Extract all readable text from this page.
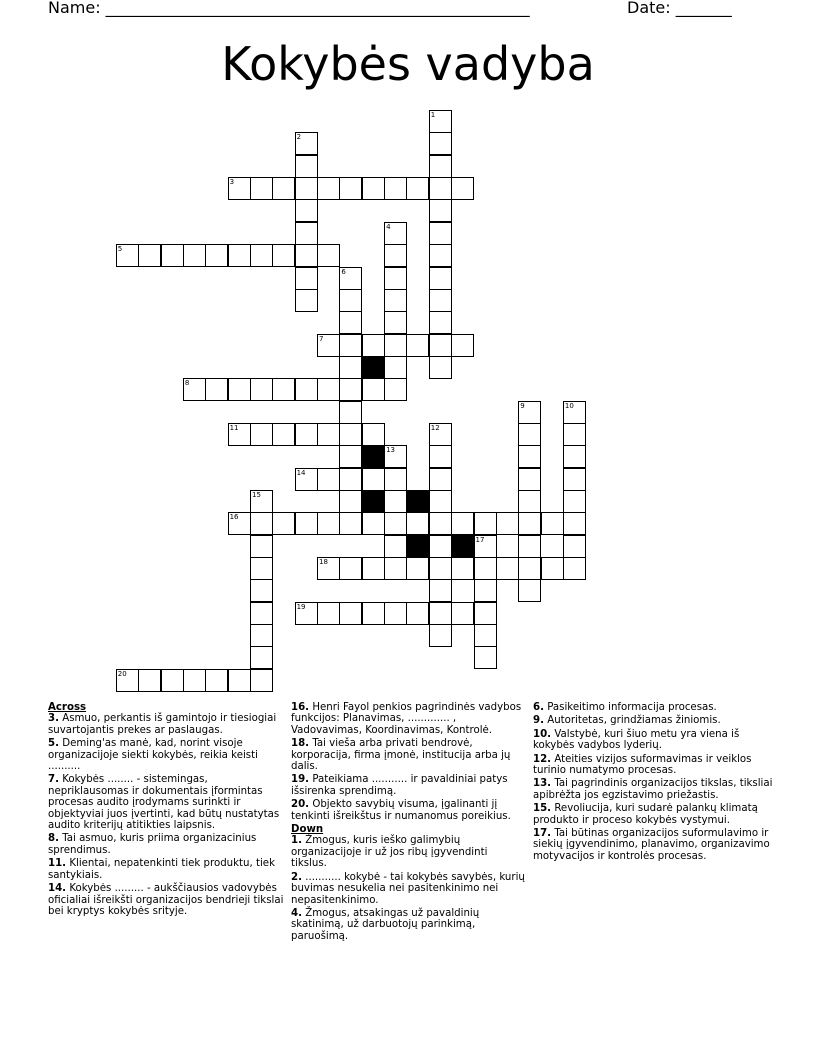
Name: _____________________________________________________	Date: _______
Kokybės vadyba
1
2
3
4
5
6
7
8
9	10
11	12
13
14
15
16
17
18
19
20
Across
3. Asmuo, perkantis iš gamintojo ir tiesiogiai suvartojantis prekes ar paslaugas.
5. Deming'as manė, kad, norint visoje organizacijoje siekti kokybės, reikia keisti ..........
7. Kokybės ........ - sistemingas, nepriklausomas ir dokumentais įformintas procesas audito įrodymams surinkti ir objektyviai juos įvertinti, kad būtų nustatytas audito kriterijų atitikties laipsnis.
8. Tai asmuo, kuris priima organizacinius sprendimus.
11. Klientai, nepatenkinti tiek produktu, tiek santykiais.
14. Kokybės ......... - aukščiausios vadovybės oficialiai išreikšti organizacijos bendrieji tikslai bei kryptys kokybės srityje.
16. Henri Fayol penkios pagrindinės vadybos funkcijos: Planavimas, ............. , Vadovavimas, Koordinavimas, Kontrolė.
18. Tai vieša arba privati bendrovė, korporacija, firma įmonė, institucija arba jų dalis.
19. Pateikiama ........... ir pavaldiniai patys išsirenka sprendimą.
20. Objekto savybių visuma, įgalinanti jį tenkinti išreikštus ir numanomus poreikius.
Down
1. Žmogus, kuris ieško galimybių organizacijoje ir už jos ribų įgyvendinti tikslus.
2. ........... kokybė - tai kokybės savybės, kurių buvimas nesukelia nei pasitenkinimo nei nepasitenkinimo.
4. Žmogus, atsakingas už pavaldinių skatinimą, už darbuotojų parinkimą, paruošimą.
6. Pasikeitimo informacija procesas.
9. Autoritetas, grindžiamas žiniomis.
10. Valstybė, kuri šiuo metu yra viena iš kokybės vadybos lyderių.
12. Ateities vizijos suformavimas ir veiklos turinio numatymo procesas.
13. Tai pagrindinis organizacijos tikslas, tiksliai apibrėžta jos egzistavimo priežastis.
15. Revoliucija, kuri sudarė palankų klimatą produkto ir proceso kokybės vystymui.
17. Tai būtinas organizacijos suformulavimo ir siekių įgyvendinimo, planavimo, organizavimo motyvacijos ir kontrolės procesas.
